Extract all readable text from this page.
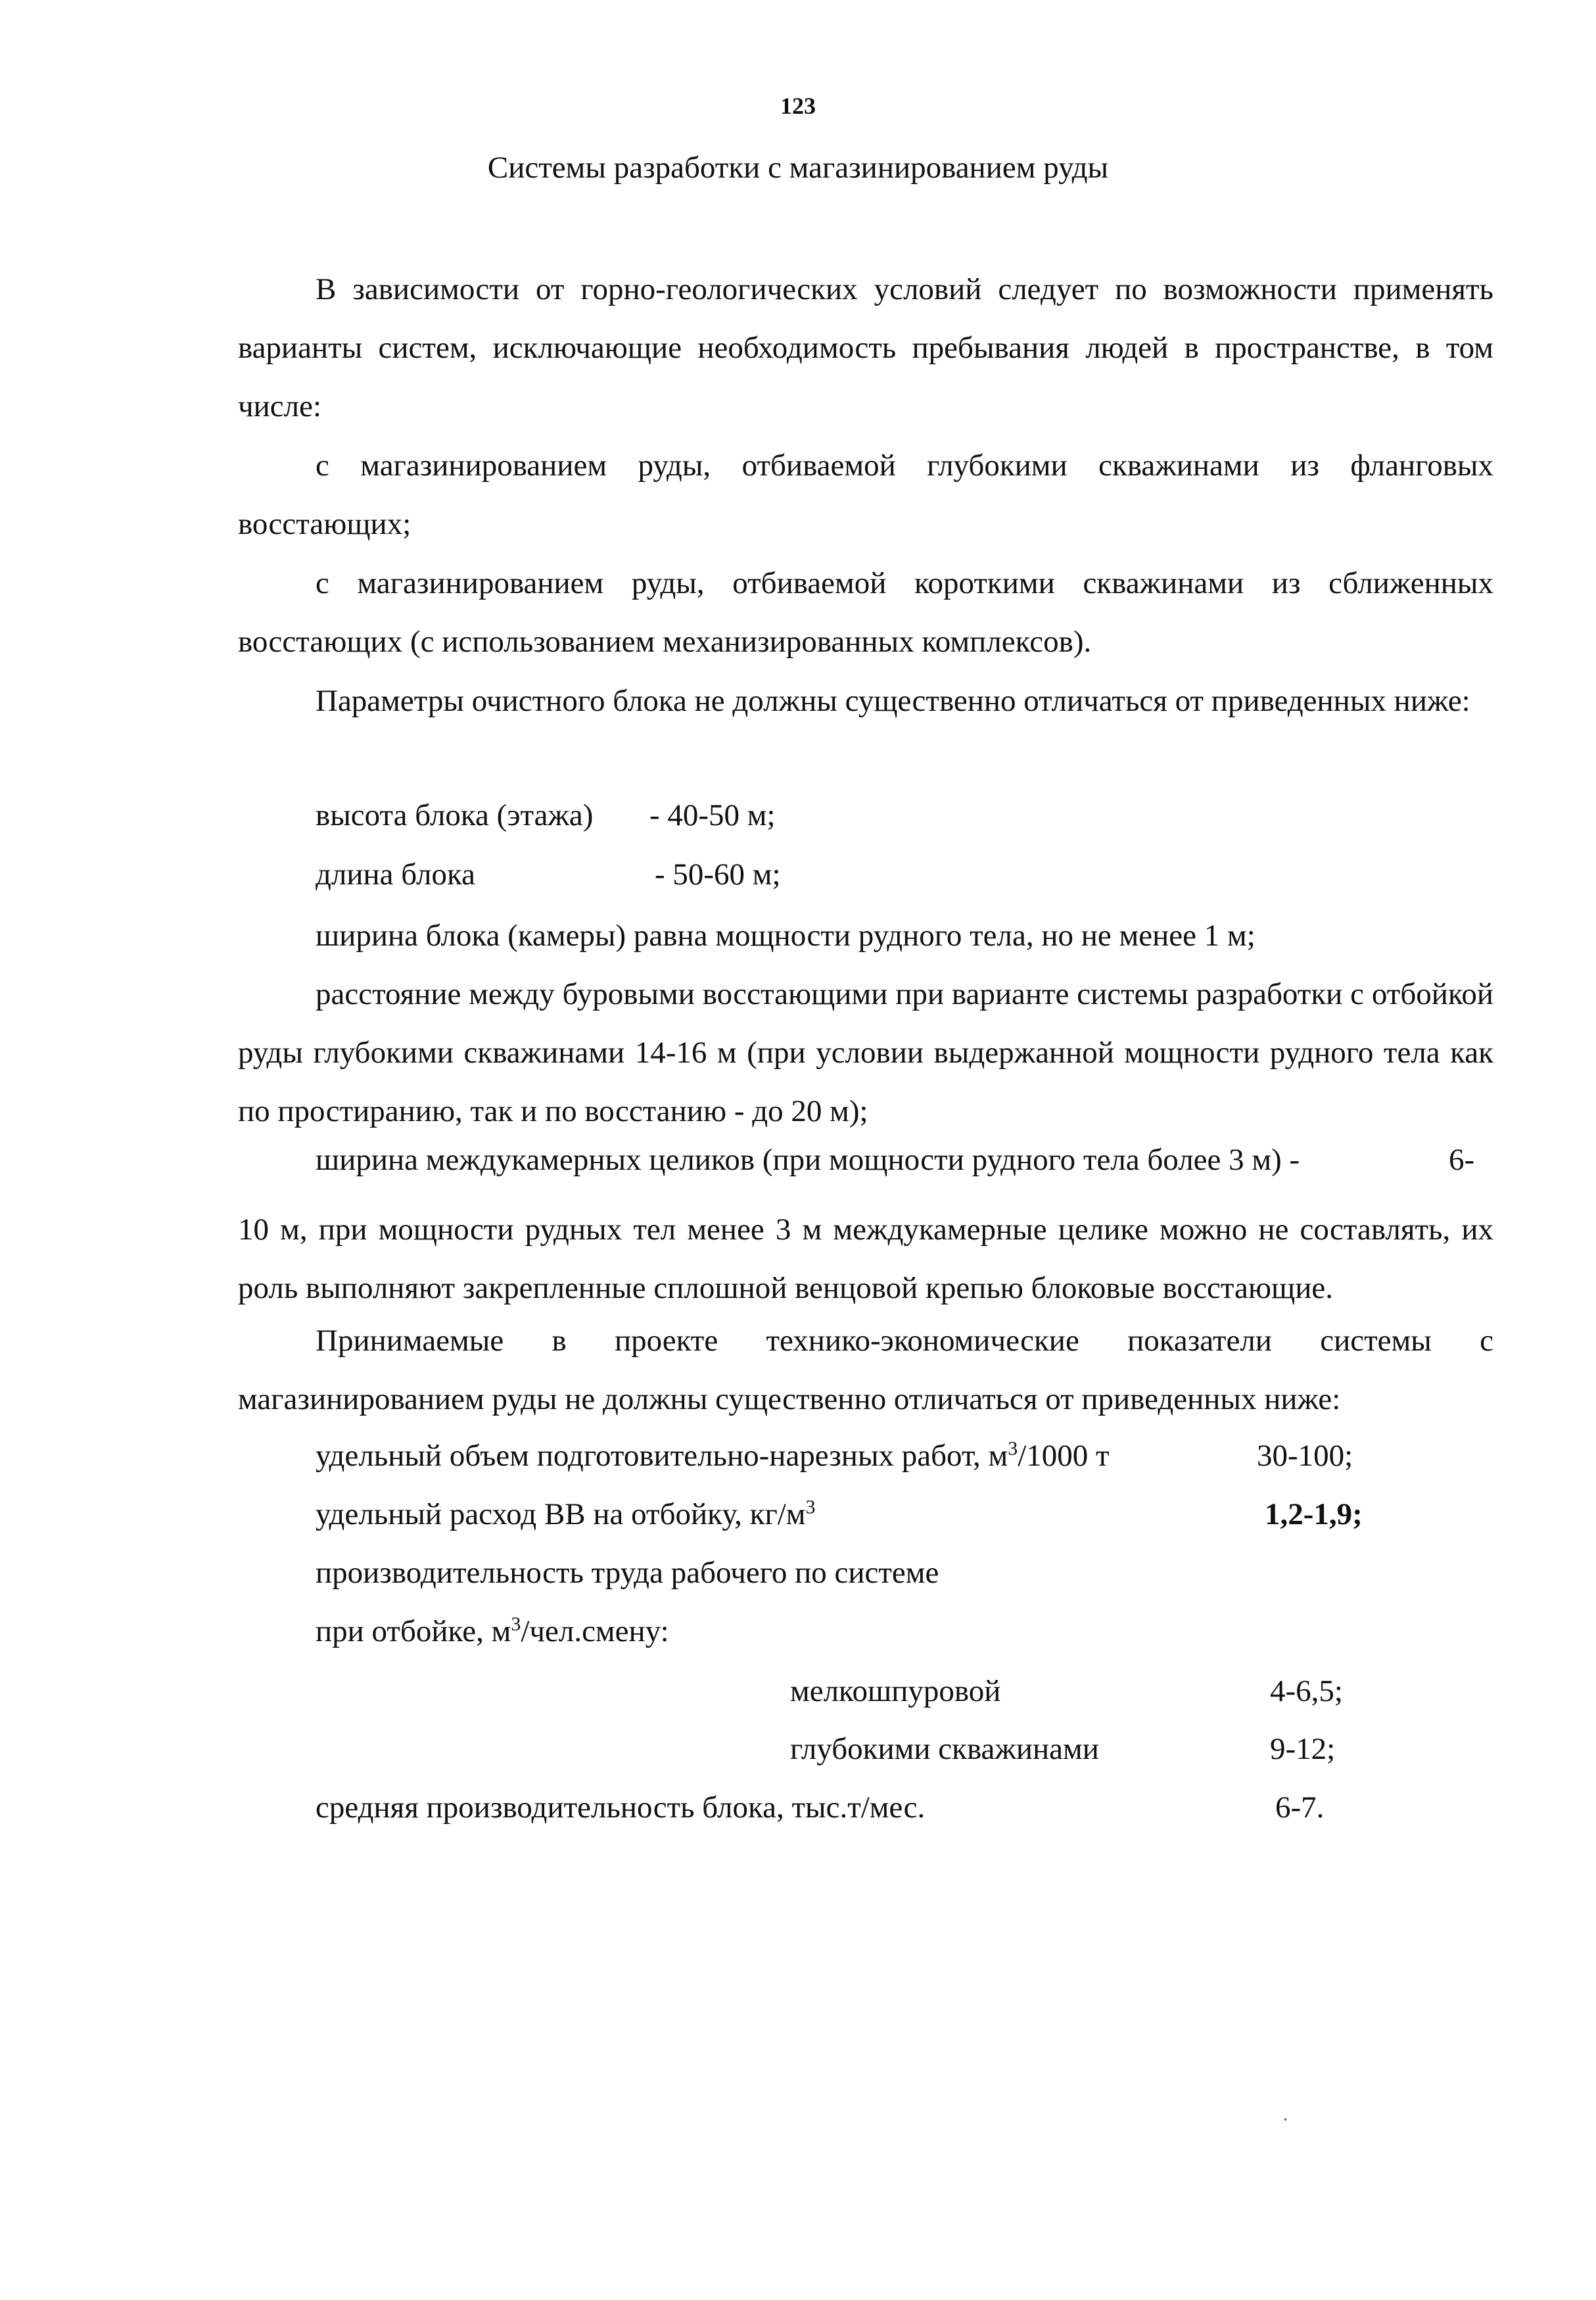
123
Системы разработки с магазинированием руды

В зависимости от горно-геологических условий следует по возможности применять варианты систем, исключающие необходимость пребывания людей в пространстве, в том числе:

с магазинированием руды, отбиваемой глубокими скважинами из фланговых восстающих;

с магазинированием руды, отбиваемой короткими скважинами из сближенных восстающих (с использованием механизированных комплексов).

Параметры очистного блока не должны существенно отличаться от приведенных ниже:

высота блока (этажа) - 40-50 м;
длина блока	- 50-60 м;

ширина блока (камеры) равна мощности рудного тела, но не менее 1 м;

расстояние между буровыми восстающими при варианте системы разработки с отбойкой руды глубокими скважинами 14-16 м (при условии выдержанной мощности рудного тела как по простиранию, так и по восстанию - до 20 м);

ширина междукамерных целиков (при мощности рудного тела более 3 м) -	6-

10 м, при мощности рудных тел менее 3 м междукамерные целике можно не составлять, их роль выполняют закрепленные сплошной венцовой крепью блоковые восстающие.

Принимаемые в проекте технико-экономические показатели системы с магазинированием руды не должны существенно отличаться от приведенных ниже:

удельный объем подготовительно-нарезных работ, $м^3/1000$ т	30-100;
удельный расход ВВ на отбойку, $кг/м^3$	1,2-1,9;
производительность труда рабочего по системе
при отбойке, $м^3/чел.смену$:
мелкошпуровой	4-6,5;
глубокими скважинами	9-12;
средняя производительность блока, тыс.т/мес.	6-7.
